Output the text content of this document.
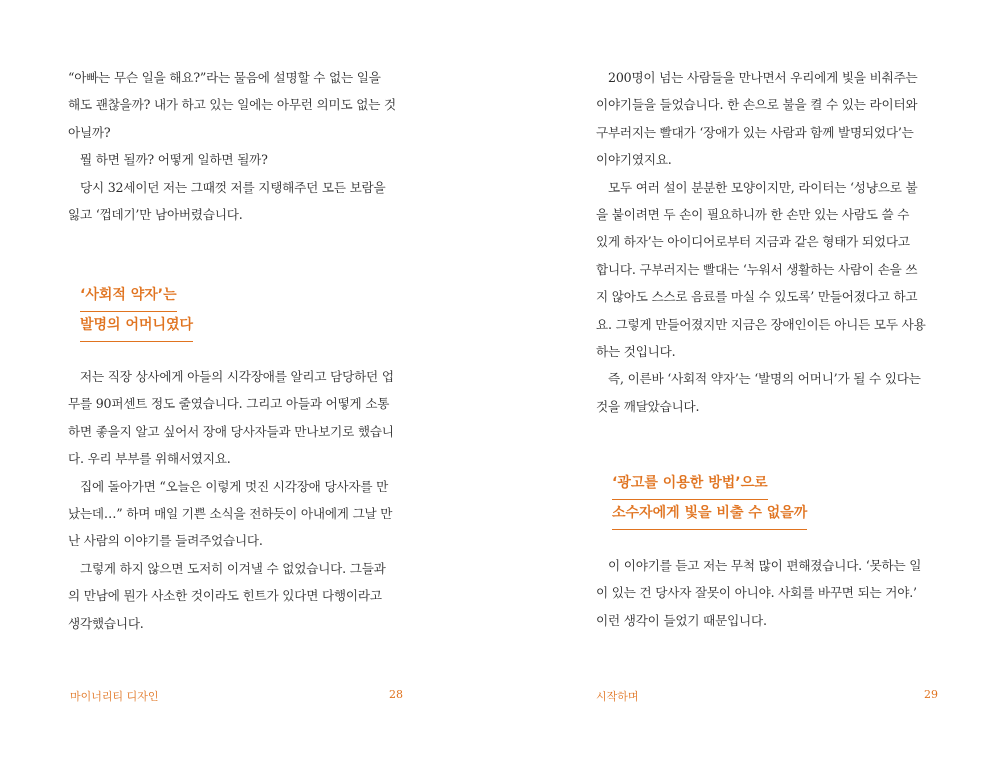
“아빠는 무슨 일을 해요?”라는 물음에 설명할 수 없는 일을
해도 괜찮을까? 내가 하고 있는 일에는 아무런 의미도 없는 것
아닐까?
뭘 하면 될까? 어떻게 일하면 될까?
당시 32세이던 저는 그때껏 저를 지탱해주던 모든 보람을
잃고 ‘껍데기’만 남아버렸습니다.
‘사회적 약자’는
발명의 어머니였다
저는 직장 상사에게 아들의 시각장애를 알리고 담당하던 업
무를 90퍼센트 정도 줄였습니다. 그리고 아들과 어떻게 소통
하면 좋을지 알고 싶어서 장애 당사자들과 만나보기로 했습니
다. 우리 부부를 위해서였지요.
집에 돌아가면 “오늘은 이렇게 멋진 시각장애 당사자를 만
났는데…” 하며 매일 기쁜 소식을 전하듯이 아내에게 그날 만
난 사람의 이야기를 들려주었습니다.
그렇게 하지 않으면 도저히 이겨낼 수 없었습니다. 그들과
의 만남에 뭔가 사소한 것이라도 힌트가 있다면 다행이라고
생각했습니다.
마이너리티 디자인	28
200명이 넘는 사람들을 만나면서 우리에게 빛을 비춰주는
이야기들을 들었습니다. 한 손으로 불을 켤 수 있는 라이터와
구부러지는 빨대가 ‘장애가 있는 사람과 함께 발명되었다’는
이야기였지요.
모두 여러 설이 분분한 모양이지만, 라이터는 ‘성냥으로 불
을 붙이려면 두 손이 필요하니까 한 손만 있는 사람도 쓸 수
있게 하자’는 아이디어로부터 지금과 같은 형태가 되었다고
합니다. 구부러지는 빨대는 ‘누워서 생활하는 사람이 손을 쓰
지 않아도 스스로 음료를 마실 수 있도록’ 만들어졌다고 하고
요. 그렇게 만들어졌지만 지금은 장애인이든 아니든 모두 사용
하는 것입니다.
즉, 이른바 ‘사회적 약자’는 ‘발명의 어머니’가 될 수 있다는
것을 깨달았습니다.
‘광고를 이용한 방법’으로
소수자에게 빛을 비출 수 없을까
이 이야기를 듣고 저는 무척 많이 편해졌습니다. ‘못하는 일
이 있는 건 당사자 잘못이 아니야. 사회를 바꾸면 되는 거야.’
이런 생각이 들었기 때문입니다.
시작하며	29
